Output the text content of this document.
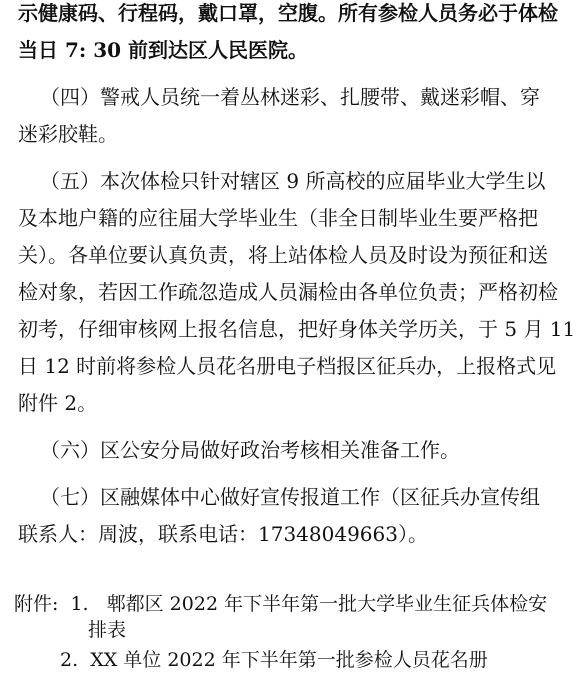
示健康码、行程码，戴口罩，空腹。所有参检人员务必于体检
当日 7: 30 前到达区人民医院。
（四）警戒人员统一着丛林迷彩、扎腰带、戴迷彩帽、穿
迷彩胶鞋。
（五）本次体检只针对辖区 9 所高校的应届毕业大学生以
及本地户籍的应往届大学毕业生（非全日制毕业生要严格把
关）。各单位要认真负责，将上站体检人员及时设为预征和送
检对象，若因工作疏忽造成人员漏检由各单位负责；严格初检
初考，仔细审核网上报名信息，把好身体关学历关，于 5 月 11
日 12 时前将参检人员花名册电子档报区征兵办，上报格式见
附件 2。
（六）区公安分局做好政治考核相关准备工作。
（七）区融媒体中心做好宣传报道工作（区征兵办宣传组
联系人：周波，联系电话：17348049663）。
附件: 1. 郫都区 2022 年下半年第一批大学毕业生征兵体检安
排表
2. XX 单位 2022 年下半年第一批参检人员花名册
